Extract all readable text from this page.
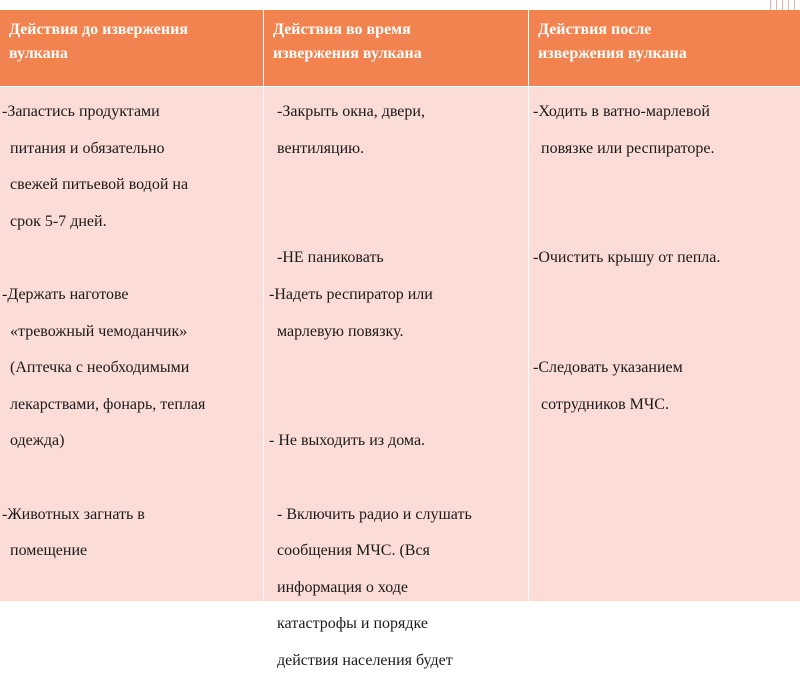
Действия до извержения
вулкана
Действия во время
извержения вулкана
Действия после
извержения вулкана
-Запастись продуктами
питания и обязательно
свежей питьевой водой на
срок 5-7 дней.
-Держать наготове
«тревожный чемоданчик»
(Аптечка с необходимыми
лекарствами, фонарь, теплая
одежда)
-Животных загнать в
помещение
-Закрыть окна, двери,
вентиляцию.
-НЕ паниковать
-Надеть респиратор или
марлевую повязку.
- Не выходить из дома.
- Включить радио и слушать
сообщения МЧС. (Вся
информация о ходе
катастрофы и порядке
действия населения будет
-Ходить в ватно-марлевой
повязке или респираторе.
-Очистить крышу от пепла.
-Следовать указанием
сотрудников МЧС.
